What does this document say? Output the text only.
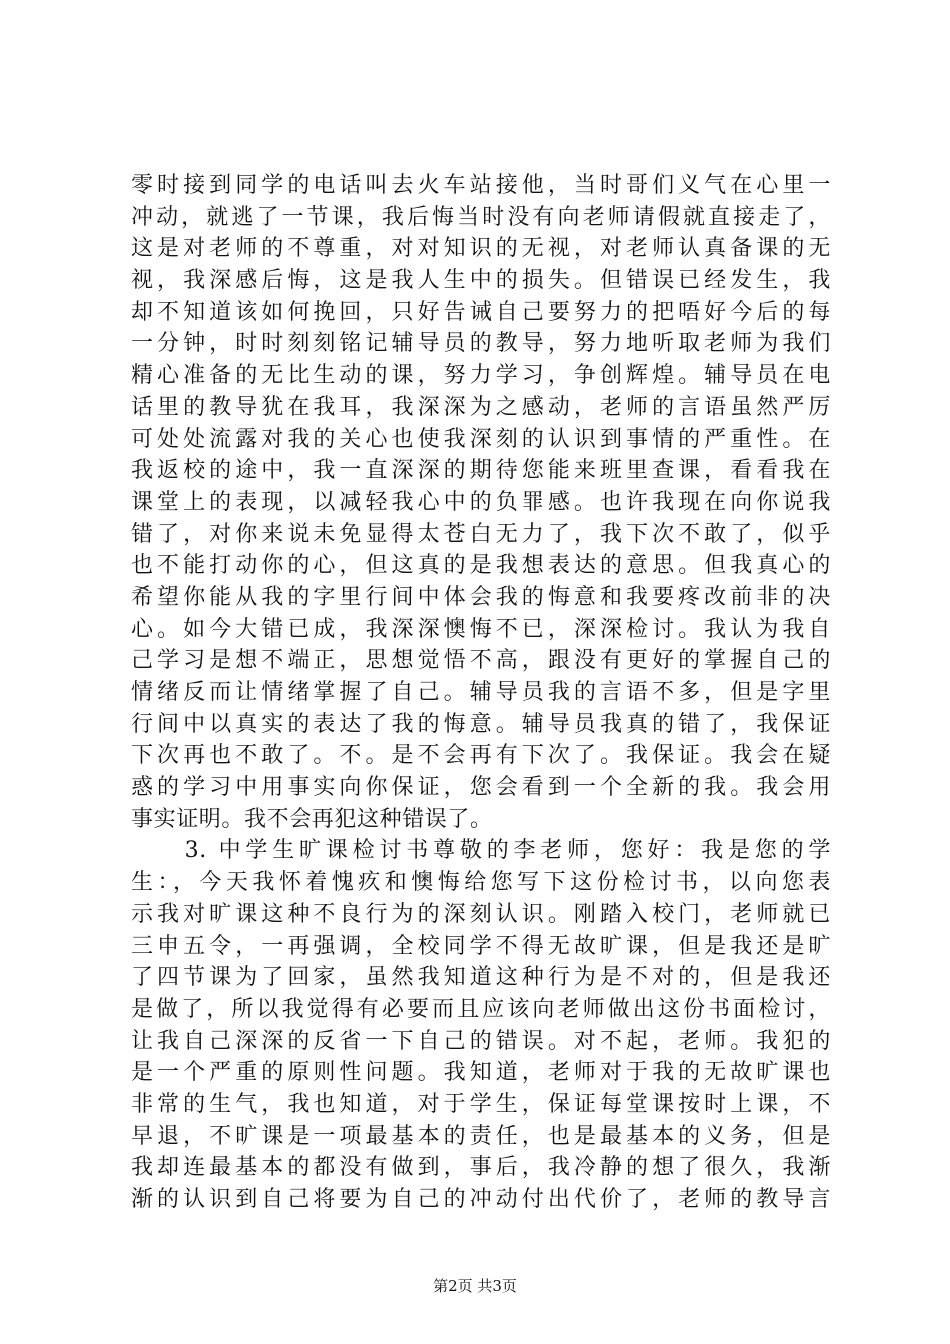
零时接到同学的电话叫去火车站接他，当时哥们义气在心里一
冲动，就逃了一节课，我后悔当时没有向老师请假就直接走了，
这是对老师的不尊重，对对知识的无视，对老师认真备课的无
视，我深感后悔，这是我人生中的损失。但错误已经发生，我
却不知道该如何挽回，只好告诫自己要努力的把唔好今后的每
一分钟，时时刻刻铭记辅导员的教导，努力地听取老师为我们
精心准备的无比生动的课，努力学习，争创辉煌。辅导员在电
话里的教导犹在我耳，我深深为之感动，老师的言语虽然严厉
可处处流露对我的关心也使我深刻的认识到事情的严重性。在
我返校的途中，我一直深深的期待您能来班里查课，看看我在
课堂上的表现，以减轻我心中的负罪感。也许我现在向你说我
错了，对你来说未免显得太苍白无力了，我下次不敢了，似乎
也不能打动你的心，但这真的是我想表达的意思。但我真心的
希望你能从我的字里行间中体会我的悔意和我要疼改前非的决
心。如今大错已成，我深深懊悔不已，深深检讨。我认为我自
己学习是想不端正，思想觉悟不高，跟没有更好的掌握自己的
情绪反而让情绪掌握了自己。辅导员我的言语不多，但是字里
行间中以真实的表达了我的悔意。辅导员我真的错了，我保证
下次再也不敢了。不。是不会再有下次了。我保证。我会在疑
惑的学习中用事实向你保证，您会看到一个全新的我。我会用
事实证明。我不会再犯这种错误了。
　　3. 中学生旷课检讨书尊敬的李老师，您好：我是您的学
生：，今天我怀着愧疚和懊悔给您写下这份检讨书，以向您表
示我对旷课这种不良行为的深刻认识。刚踏入校门，老师就已
三申五令，一再强调，全校同学不得无故旷课，但是我还是旷
了四节课为了回家，虽然我知道这种行为是不对的，但是我还
是做了，所以我觉得有必要而且应该向老师做出这份书面检讨，
让我自己深深的反省一下自己的错误。对不起，老师。我犯的
是一个严重的原则性问题。我知道，老师对于我的无故旷课也
非常的生气，我也知道，对于学生，保证每堂课按时上课，不
早退，不旷课是一项最基本的责任，也是最基本的义务，但是
我却连最基本的都没有做到，事后，我冷静的想了很久，我渐
渐的认识到自己将要为自己的冲动付出代价了，老师的教导言
第2页 共3页
